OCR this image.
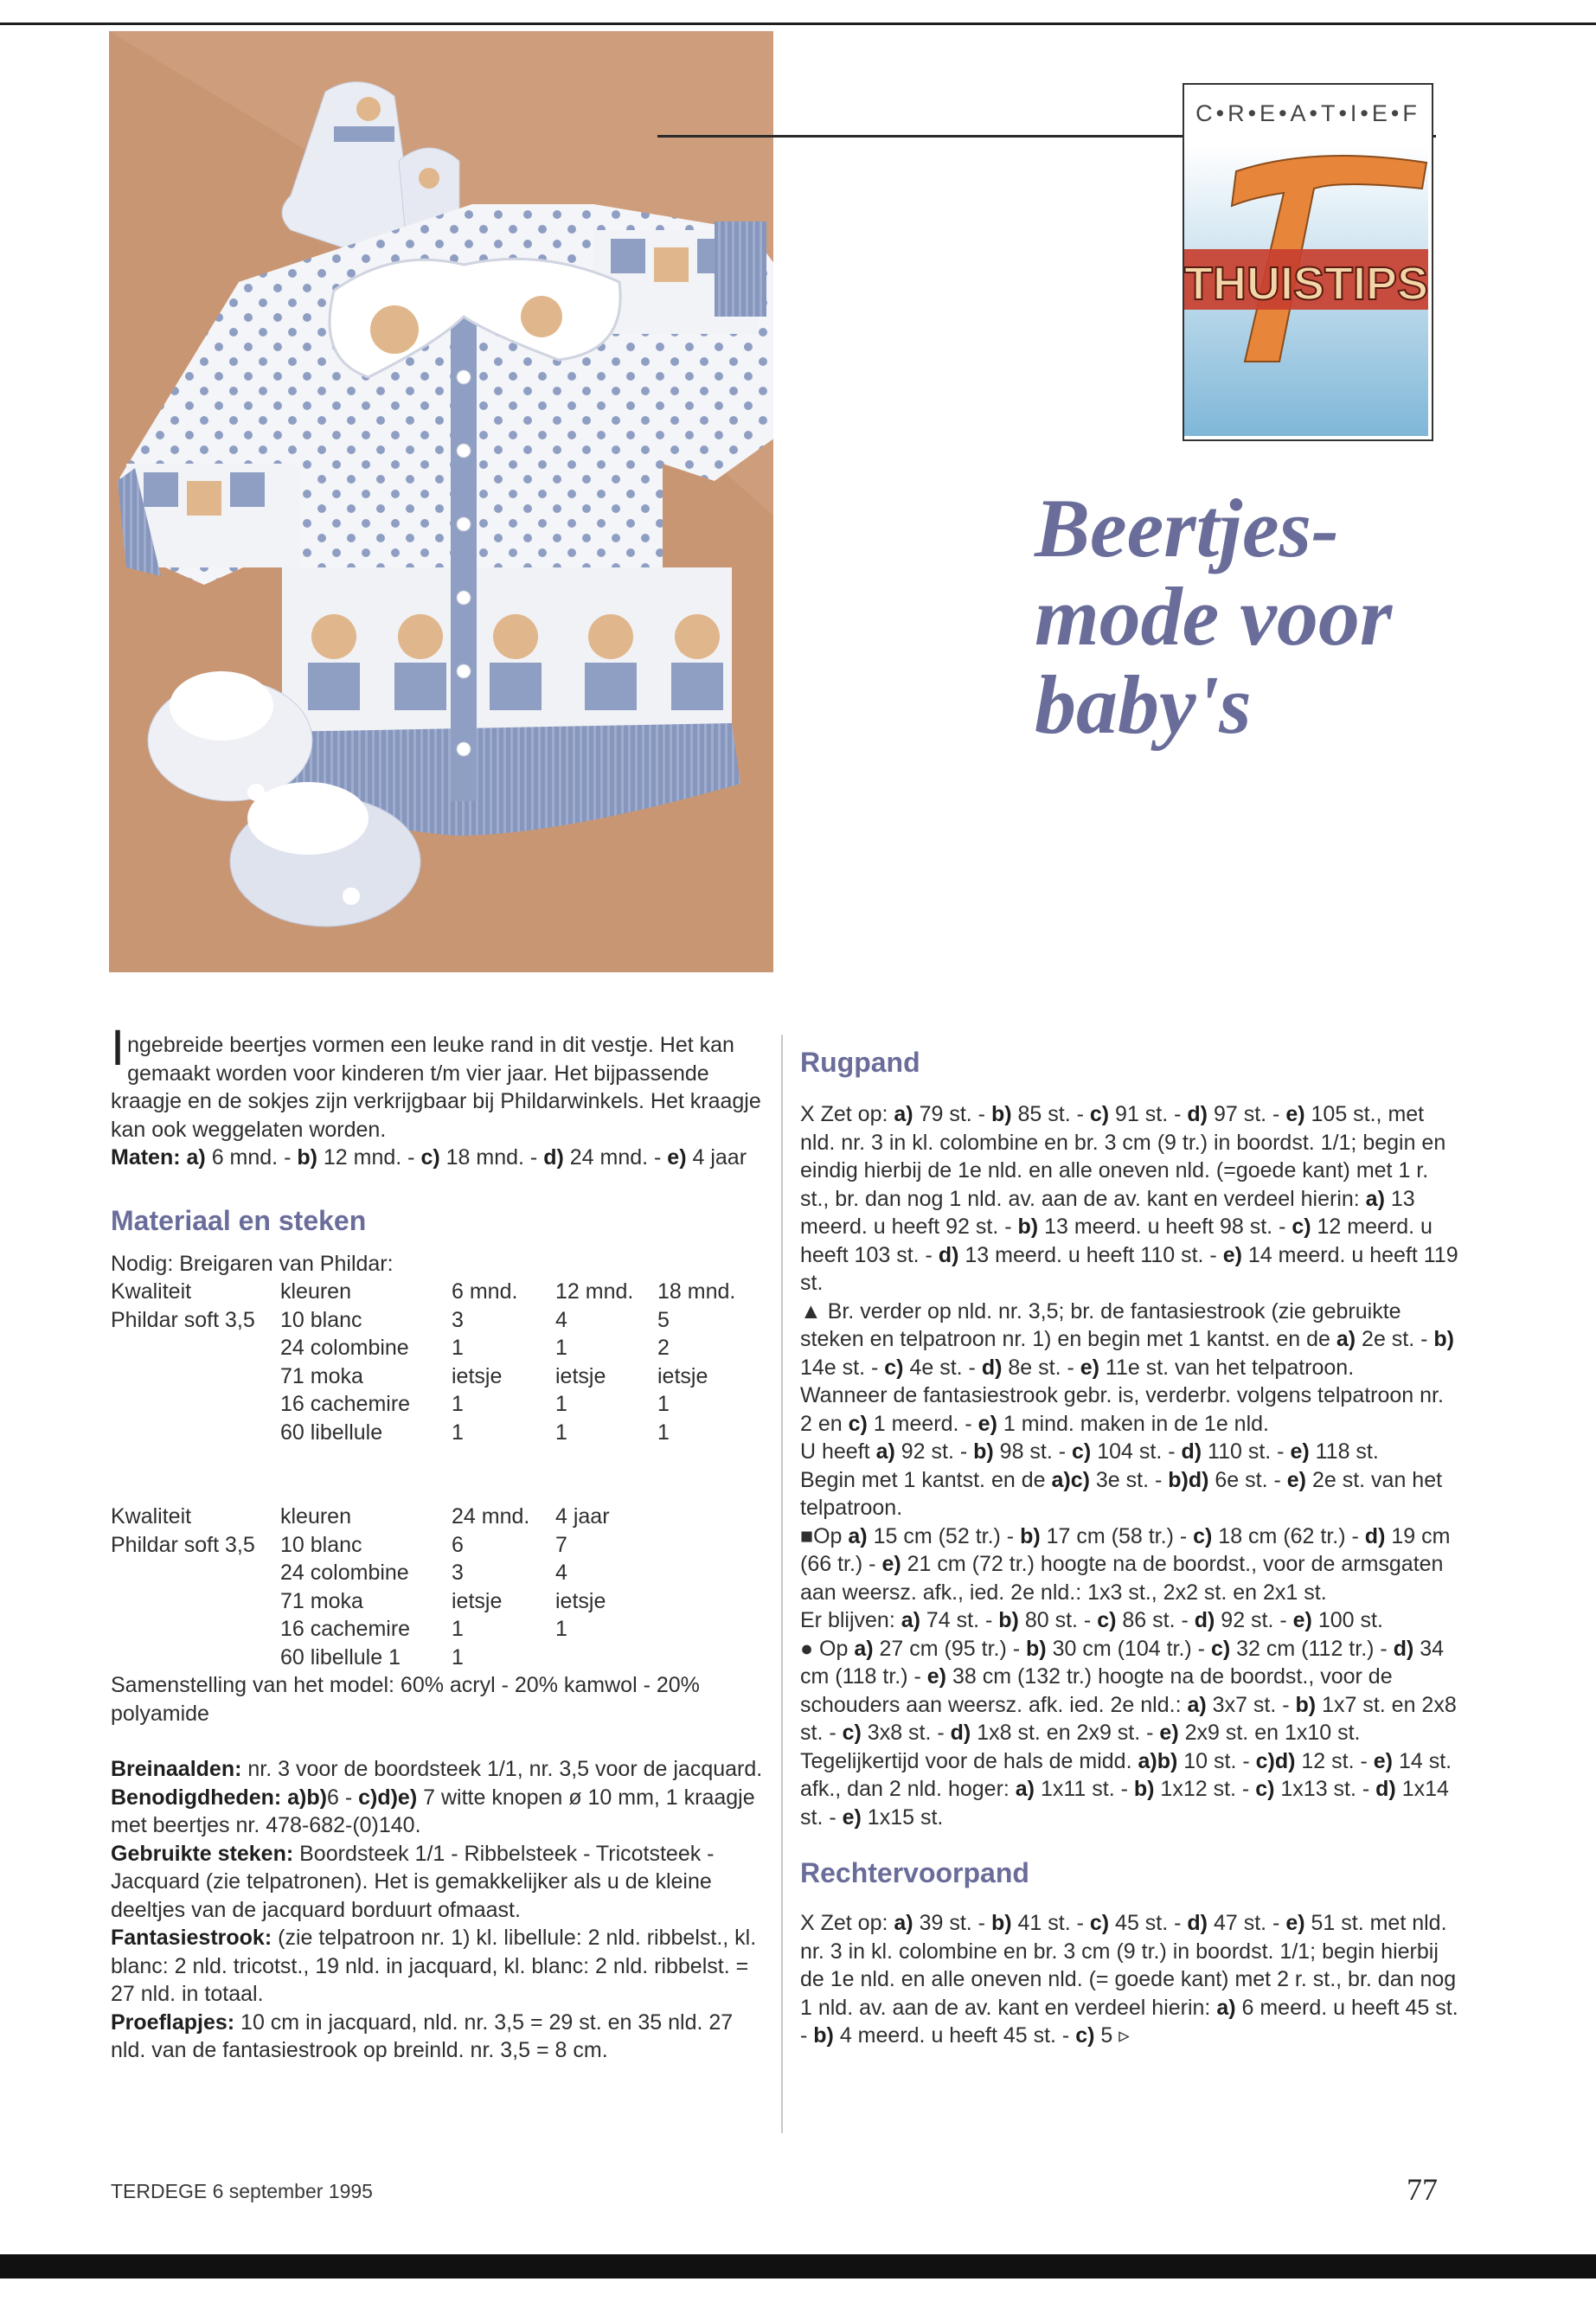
C•R•E•A•T•I•E•F
THUISTIPS
Beertjes-
mode voor
baby's

Ingebreide beertjes vormen een leuke rand in dit vestje. Het kan gemaakt worden voor kinderen t/m vier jaar. Het bijpassende kraagje en de sokjes zijn verkrijgbaar bij Phildarwinkels. Het kraagje kan ook weggelaten worden.

Maten: a) 6 mnd. - b) 12 mnd. - c) 18 mnd. - d) 24 mnd. - e) 4 jaar

Materiaal en steken

Nodig: Breigaren van Phildar:

Kwaliteit	kleuren	6 mnd.	12 mnd.	18 mnd.
Phildar soft 3,5	10 blanc	3	4	5
	24 colombine	1	1	2
	71 moka	ietsje	ietsje	ietsje
	16 cachemire	1	1	1
	60 libellule	1	1	1
Kwaliteit	kleuren	24 mnd.	4 jaar
Phildar soft 3,5	10 blanc	6	7
	24 colombine	3	4
	71 moka	ietsje	ietsje
	16 cachemire	1	1
	60 libellule 1	1	

Samenstelling van het model: 60% acryl - 20% kamwol - 20% polyamide

Breinaalden: nr. 3 voor de boordsteek 1/1, nr. 3,5 voor de jacquard.

Benodigdheden: a)b)6 - c)d)e) 7 witte knopen ø 10 mm, 1 kraagje met beertjes nr. 478-682-(0)140.

Gebruikte steken: Boordsteek 1/1 - Ribbelsteek - Tricotsteek - Jacquard (zie telpatronen). Het is gemakkelijker als u de kleine deeltjes van de jacquard borduurt ofmaast.

Fantasiestrook: (zie telpatroon nr. 1) kl. libellule: 2 nld. ribbelst., kl. blanc: 2 nld. tricotst., 19 nld. in jacquard, kl. blanc: 2 nld. ribbelst. = 27 nld. in totaal.

Proeflapjes: 10 cm in jacquard, nld. nr. 3,5 = 29 st. en 35 nld. 27 nld. van de fantasiestrook op breinld. nr. 3,5 = 8 cm.

Rugpand

X Zet op: a) 79 st. - b) 85 st. - c) 91 st. - d) 97 st. - e) 105 st., met nld. nr. 3 in kl. colombine en br. 3 cm (9 tr.) in boordst. 1/1; begin en eindig hierbij de 1e nld. en alle oneven nld. (=goede kant) met 1 r. st., br. dan nog 1 nld. av. aan de av. kant en verdeel hierin: a) 13 meerd. u heeft 92 st. - b) 13 meerd. u heeft 98 st. - c) 12 meerd. u heeft 103 st. - d) 13 meerd. u heeft 110 st. - e) 14 meerd. u heeft 119 st.

▲ Br. verder op nld. nr. 3,5; br. de fantasiestrook (zie gebruikte steken en telpatroon nr. 1) en begin met 1 kantst. en de a) 2e st. - b) 14e st. - c) 4e st. - d) 8e st. - e) 11e st. van het telpatroon.

Wanneer de fantasiestrook gebr. is, verderbr. volgens telpatroon nr. 2 en c) 1 meerd. - e) 1 mind. maken in de 1e nld.

U heeft a) 92 st. - b) 98 st. - c) 104 st. - d) 110 st. - e) 118 st.

Begin met 1 kantst. en de a)c) 3e st. - b)d) 6e st. - e) 2e st. van het telpatroon.

■Op a) 15 cm (52 tr.) - b) 17 cm (58 tr.) - c) 18 cm (62 tr.) - d) 19 cm (66 tr.) - e) 21 cm (72 tr.) hoogte na de boordst., voor de armsgaten aan weersz. afk., ied. 2e nld.: 1x3 st., 2x2 st. en 2x1 st.

Er blijven: a) 74 st. - b) 80 st. - c) 86 st. - d) 92 st. - e) 100 st.

● Op a) 27 cm (95 tr.) - b) 30 cm (104 tr.) - c) 32 cm (112 tr.) - d) 34 cm (118 tr.) - e) 38 cm (132 tr.) hoogte na de boordst., voor de schouders aan weersz. afk. ied. 2e nld.: a) 3x7 st. - b) 1x7 st. en 2x8 st. - c) 3x8 st. - d) 1x8 st. en 2x9 st. - e) 2x9 st. en 1x10 st.

Tegelijkertijd voor de hals de midd. a)b) 10 st. - c)d) 12 st. - e) 14 st. afk., dan 2 nld. hoger: a) 1x11 st. - b) 1x12 st. - c) 1x13 st. - d) 1x14 st. - e) 1x15 st.

Rechtervoorpand

X Zet op: a) 39 st. - b) 41 st. - c) 45 st. - d) 47 st. - e) 51 st. met nld. nr. 3 in kl. colombine en br. 3 cm (9 tr.) in boordst. 1/1; begin hierbij de 1e nld. en alle oneven nld. (= goede kant) met 2 r. st., br. dan nog 1 nld. av. aan de av. kant en verdeel hierin: a) 6 meerd. u heeft 45 st. - b) 4 meerd. u heeft 45 st. - c) 5 ▹

TERDEGE 6 september 1995	77
